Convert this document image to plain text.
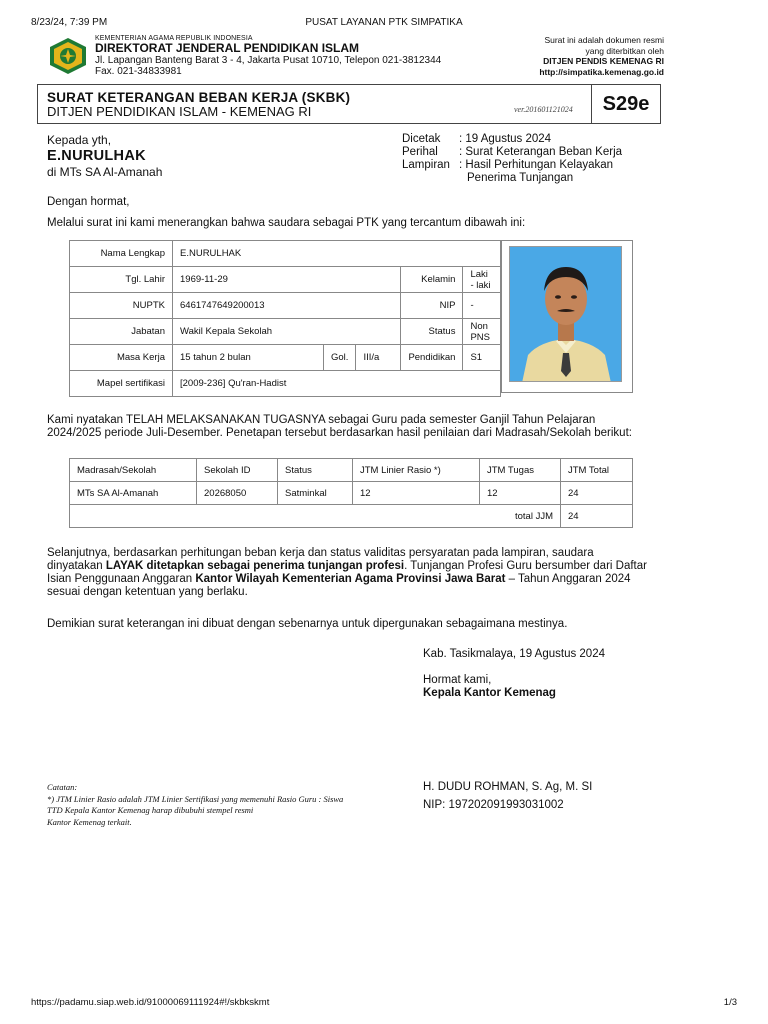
8/23/24, 7:39 PM	PUSAT LAYANAN PTK SIMPATIKA
https://padamu.siap.web.id/91000069111924#!/skbkskmt	1/3
KEMENTERIAN AGAMA REPUBLIK INDONESIA
DIREKTORAT JENDERAL PENDIDIKAN ISLAM
Jl. Lapangan Banteng Barat 3 - 4, Jakarta Pusat 10710, Telepon 021-3812344
Fax. 021-34833981
Surat ini adalah dokumen resmi
yang diterbitkan oleh
DITJEN PENDIS KEMENAG RI
http://simpatika.kemenag.go.id
SURAT KETERANGAN BEBAN KERJA (SKBK)
DITJEN PENDIDIKAN ISLAM - KEMENAG RI	ver.201601121024	S29e
Kepada yth,
E.NURULHAK
di MTs SA Al-Amanah
Dicetak	: 19 Agustus 2024
Perihal	: Surat Keterangan Beban Kerja
Lampiran : Hasil Perhitungan Kelayakan
Penerima Tunjangan
Dengan hormat,
Melalui surat ini kami menerangkan bahwa saudara sebagai PTK yang tercantum dibawah ini:
Nama Lengkap	E.NURULHAK				
Tgl. Lahir	1969-11-29			Kelamin	Laki - laki
NUPTK	6461747649200013			NIP	-
Jabatan	Wakil Kepala Sekolah			Status	Non PNS
Masa Kerja	15 tahun 2 bulan	Gol.	III/a	Pendidikan	S1
Mapel sertifikasi	[2009-236] Qu'ran-Hadist				
Kami nyatakan TELAH MELAKSANAKAN TUGASNYA sebagai Guru pada semester Ganjil Tahun Pelajaran 2024/2025 periode Juli-Desember. Penetapan tersebut berdasarkan hasil penilaian dari Madrasah/Sekolah berikut:
Madrasah/Sekolah	Sekolah ID	Status	JTM Linier Rasio *)	JTM Tugas	JTM Total
MTs SA Al-Amanah	20268050	Satminkal	12	12	24
total JJM					24
Selanjutnya, berdasarkan perhitungan beban kerja dan status validitas persyaratan pada lampiran, saudara dinyatakan LAYAK ditetapkan sebagai penerima tunjangan profesi. Tunjangan Profesi Guru bersumber dari Daftar Isian Penggunaan Anggaran Kantor Wilayah Kementerian Agama Provinsi Jawa Barat – Tahun Anggaran 2024 sesuai dengan ketentuan yang berlaku.
Demikian surat keterangan ini dibuat dengan sebenarnya untuk dipergunakan sebagaimana mestinya.
Kab. Tasikmalaya, 19 Agustus 2024
Hormat kami,
Kepala Kantor Kemenag
H. DUDU ROHMAN, S. Ag, M. SI
NIP: 197202091993031002
Catatan:
*) JTM Linier Rasio adalah JTM Linier Sertifikasi yang memenuhi Rasio Guru : Siswa
TTD Kepala Kantor Kemenag harap dibubuhi stempel resmi
Kantor Kemenag terkait.
